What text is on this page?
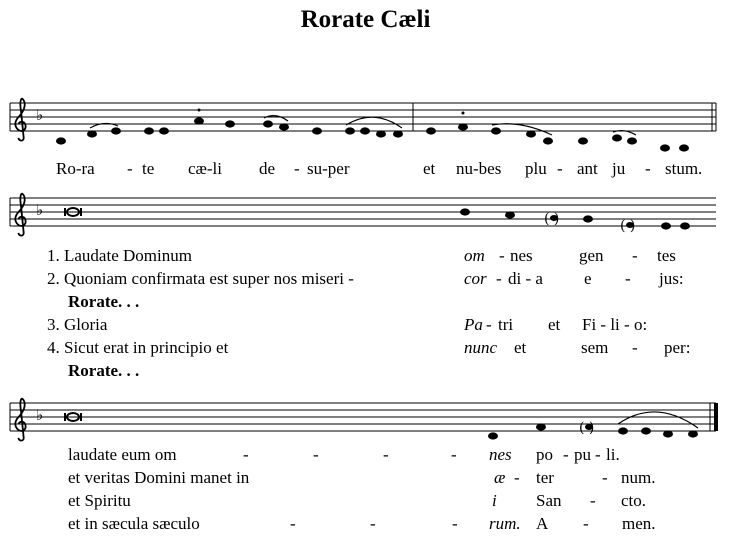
Rorate Cæli
♭
♭	( )	( )
♭
( )
Ro-ra - te cæ-li de - su-per	et nu-bes plu - ant ju - stum.
1. Laudate Dominum	om - nes	gen - tes
2. Quoniam confirmata est super nos miseri -	cor - di - a e - jus:
Rorate. . .
3. Gloria	Pa - tri et Fi - li - o:
4. Sicut erat in principio et	nunc et	sem - per:
Rorate. . .
laudate eum om	-	-	-	- nes po - pu - li.
et veritas Domini manet in	æ - ter	- num.
et Spiritu	i San - cto.
et in sæcula sæculo	-	-	- rum. A - men.
